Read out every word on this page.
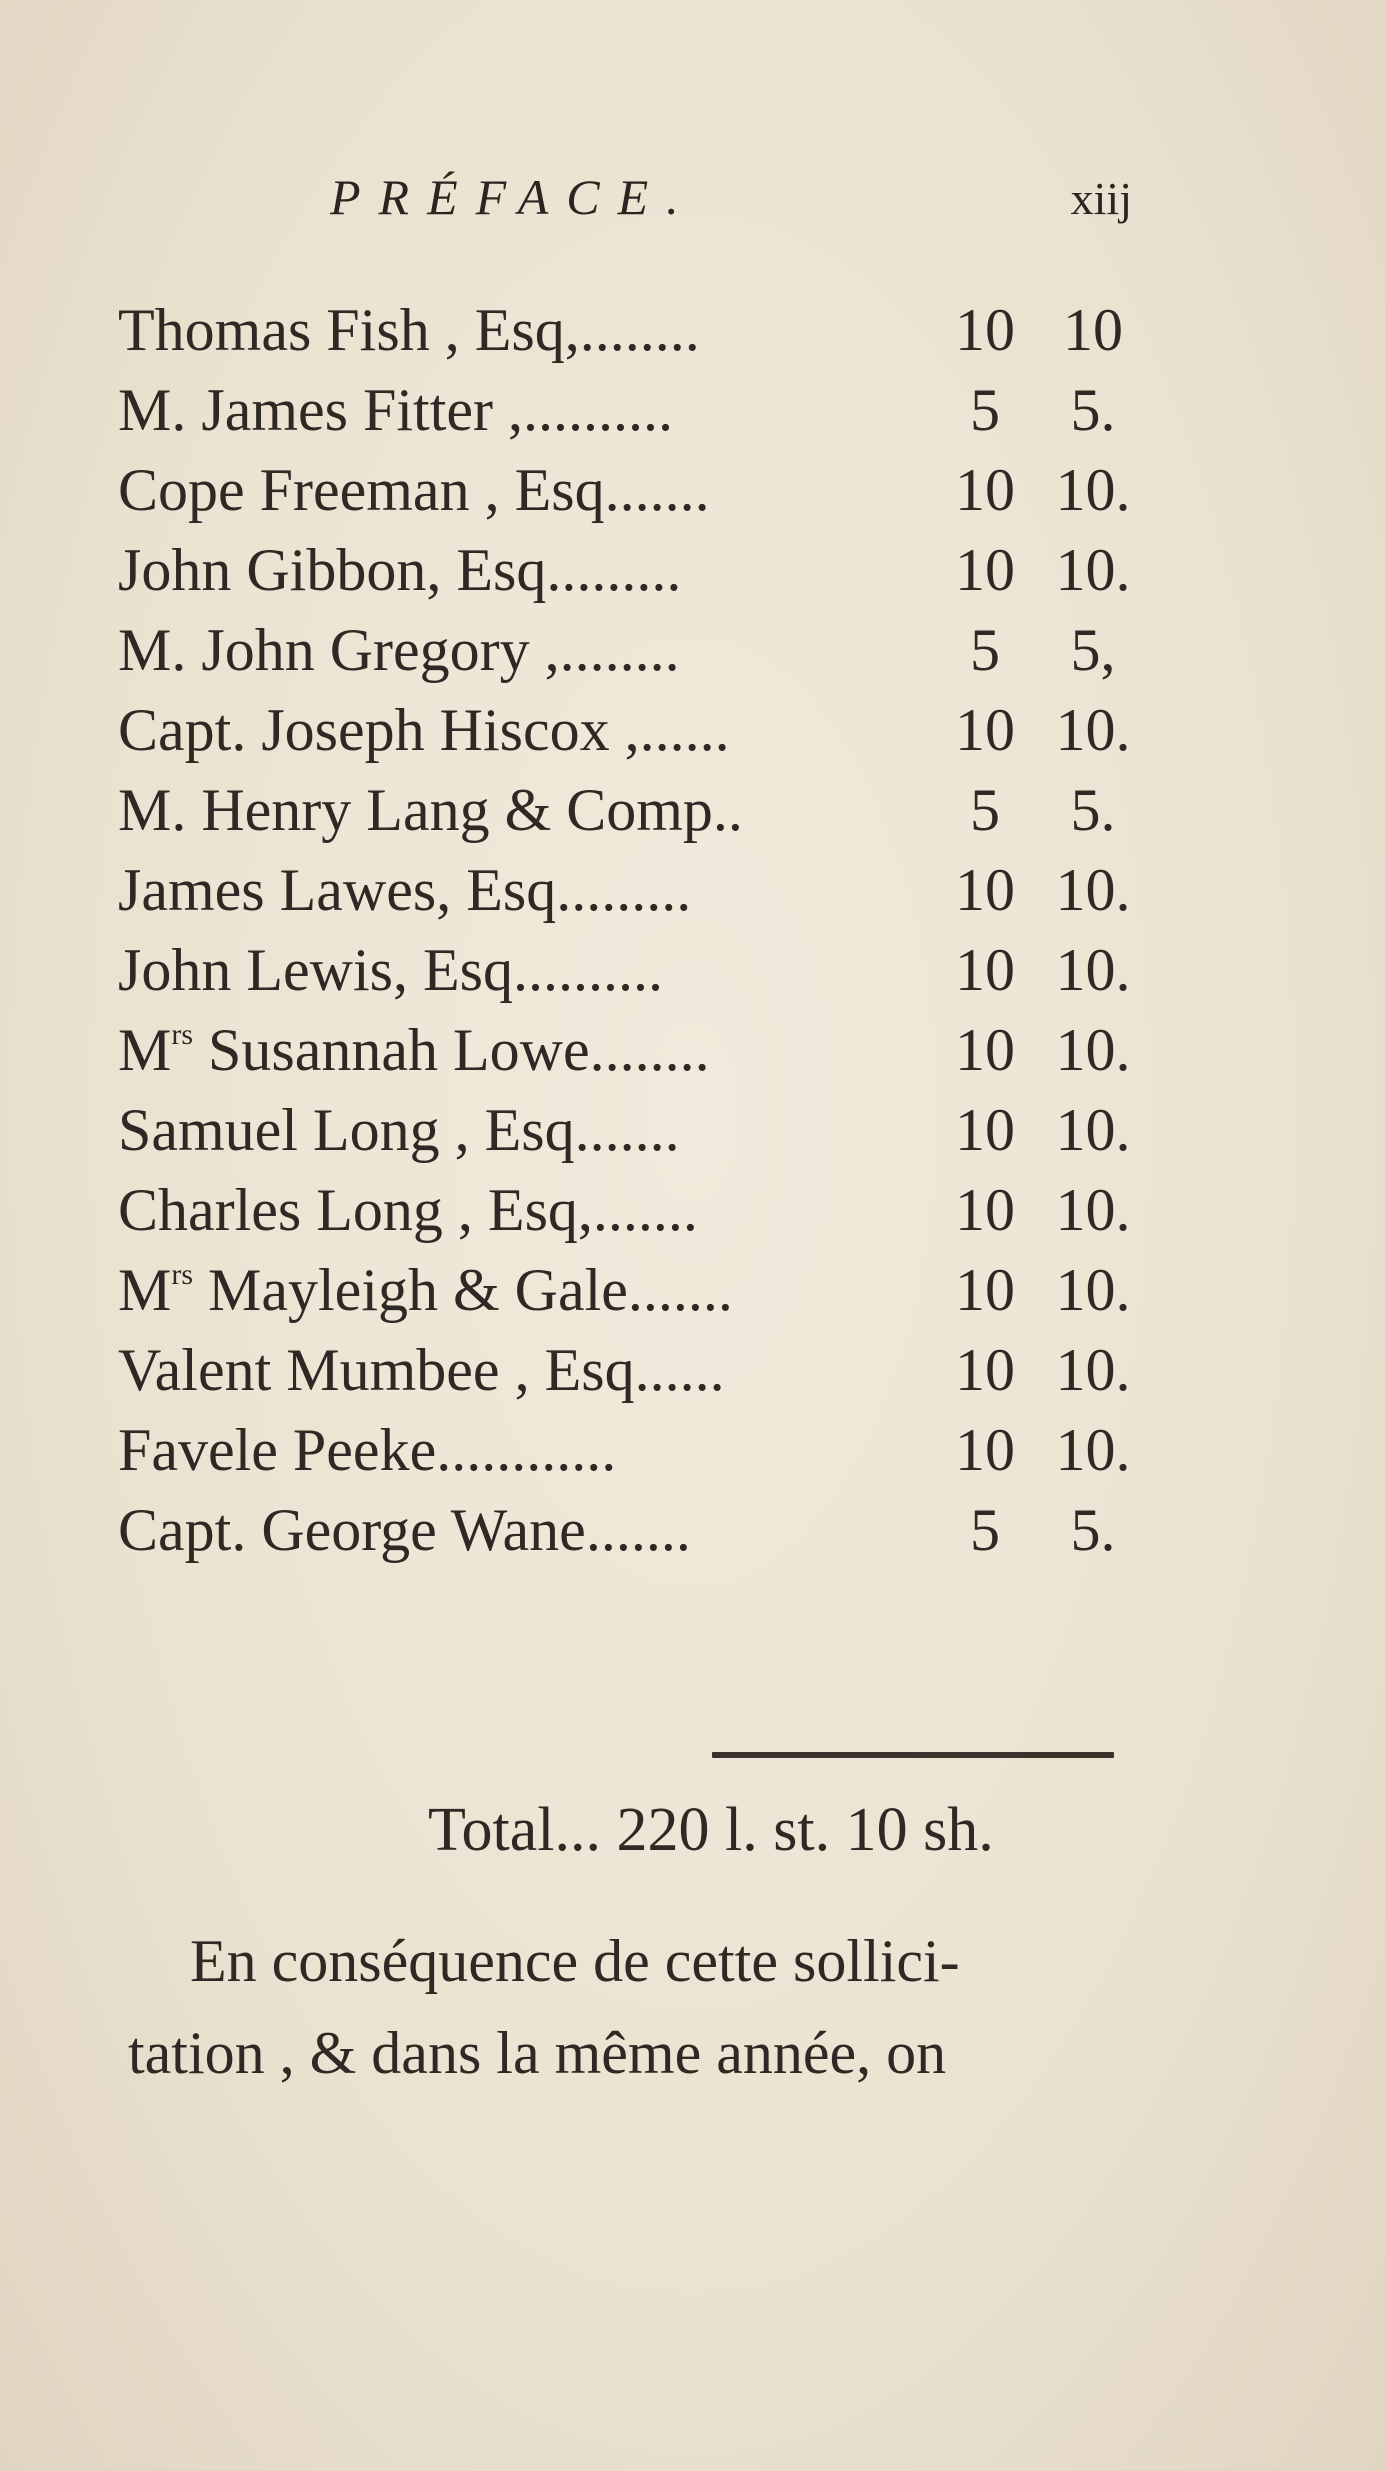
PRÉFACE.	xiij
Thomas Fish , Esq,........	10 10
M. James Fitter ,..........	5	5.
Cope Freeman , Esq.......	10 10.
John Gibbon, Esq.........	10 10.
M. John Gregory ,........	5	5,
Capt. Joseph Hiscox ,......	10 10.
M. Henry Lang & Comp..	5	5.
James Lawes, Esq.........	10 10.
John Lewis, Esq..........	10 10.
$M^{rs}$ Susannah Lowe........	10 10.
Samuel Long , Esq.......	10 10.
Charles Long , Esq,.......	10 10.
$M^{rs}$ Mayleigh & Gale.......	10 10.
Valent Mumbee , Esq......	10 10.
Favele Peeke............	10 10.
Capt. George Wane.......	5	5.
Total... 220 l. st. 10 sh.
En conséquence de cette sollici-
tation , & dans la même année, on
